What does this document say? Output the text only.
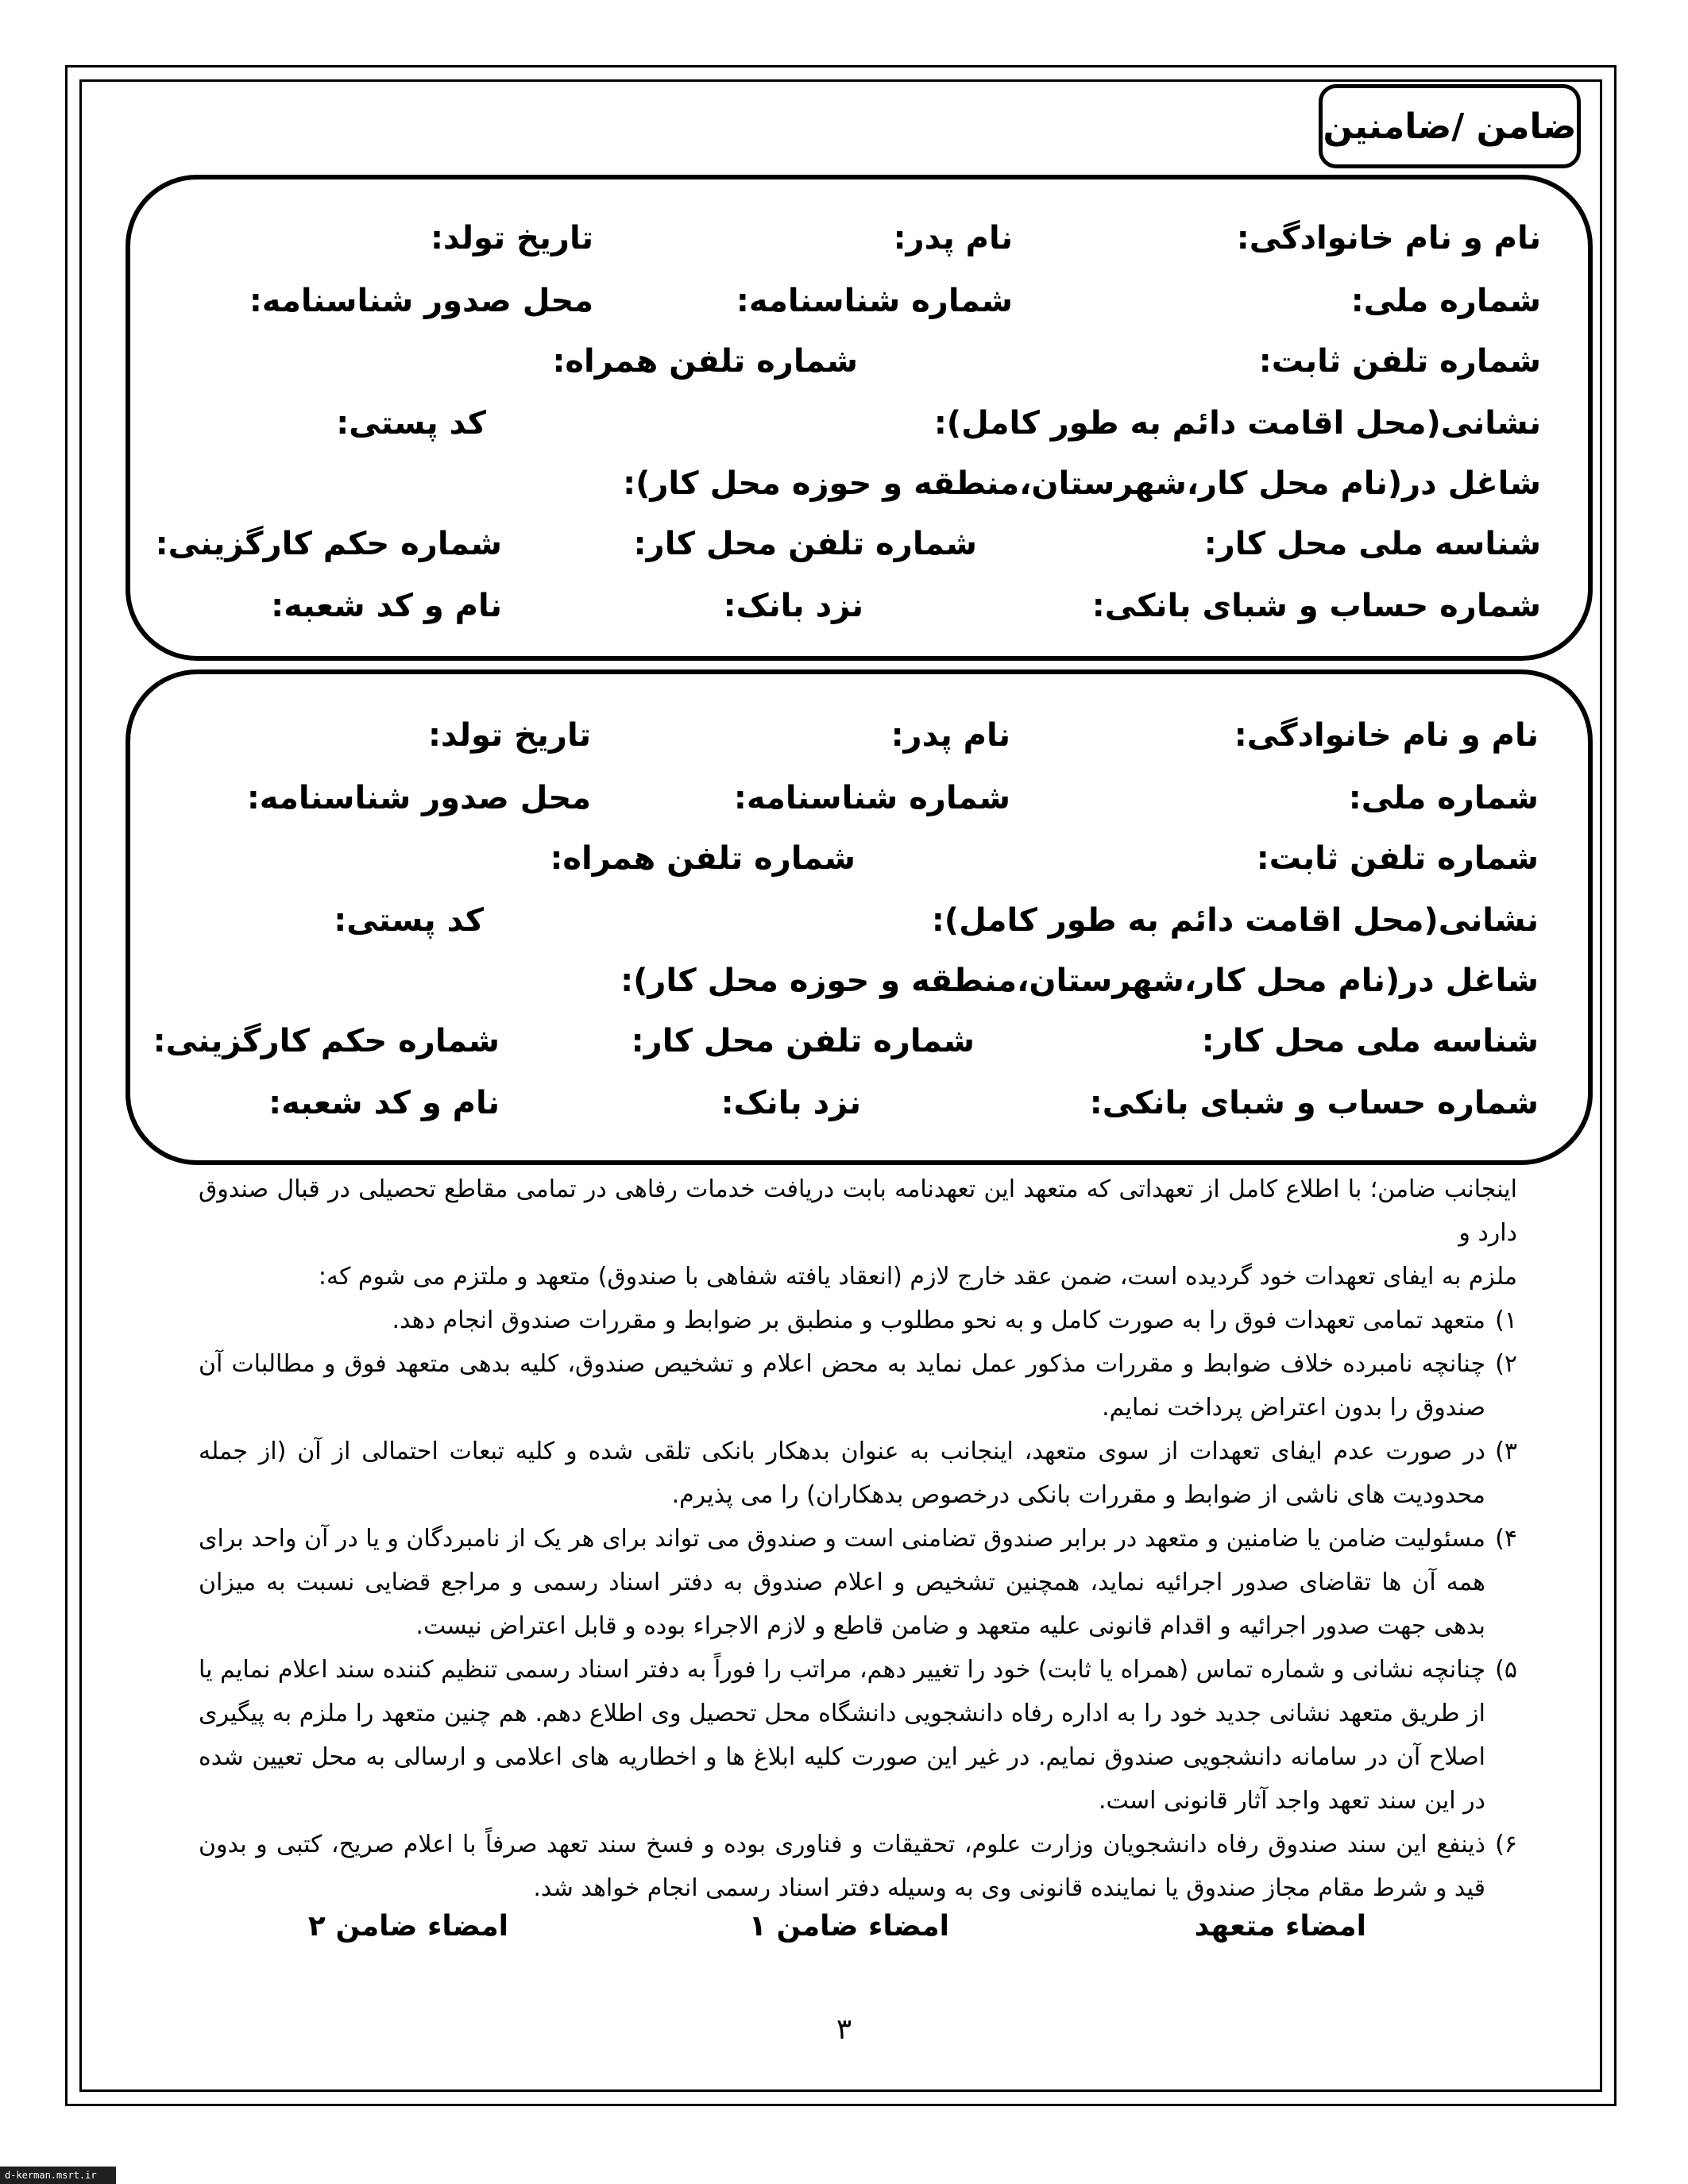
ضامن /ضامنین
نام و نام خانوادگی:
نام پدر:
تاریخ تولد:
شماره ملی:
شماره شناسنامه:
محل صدور شناسنامه:
شماره تلفن ثابت:
شماره تلفن همراه:
نشانی(محل اقامت دائم به طور کامل):
کد پستی:
شاغل در(نام محل کار،شهرستان،منطقه و حوزه محل کار):
شناسه ملی محل کار:
شماره تلفن محل کار:
شماره حکم کارگزینی:
شماره حساب و شبای بانکی:
نزد بانک:
نام و کد شعبه:
نام و نام خانوادگی:
نام پدر:
تاریخ تولد:
شماره ملی:
شماره شناسنامه:
محل صدور شناسنامه:
شماره تلفن ثابت:
شماره تلفن همراه:
نشانی(محل اقامت دائم به طور کامل):
کد پستی:
شاغل در(نام محل کار،شهرستان،منطقه و حوزه محل کار):
شناسه ملی محل کار:
شماره تلفن محل کار:
شماره حکم کارگزینی:
شماره حساب و شبای بانکی:
نزد بانک:
نام و کد شعبه:

اینجانب ضامن؛ با اطلاع کامل از تعهداتی که متعهد این تعهدنامه بابت دریافت خدمات رفاهی در تمامی مقاطع تحصیلی در قبال صندوق دارد و

ملزم به ایفای تعهدات خود گردیده است، ضمن عقد خارج لازم (انعقاد یافته شفاهی با صندوق) متعهد و ملتزم می شوم که:

۱)
متعهد تمامی تعهدات فوق را به صورت کامل و به نحو مطلوب و منطبق بر ضوابط و مقررات صندوق انجام دهد.
۲)
چنانچه نامبرده خلاف ضوابط و مقررات مذکور عمل نماید به محض اعلام و تشخیص صندوق، کلیه بدهی متعهد فوق و مطالبات آن صندوق را بدون اعتراض پرداخت نمایم.
۳)
در صورت عدم ایفای تعهدات از سوی متعهد، اینجانب به عنوان بدهکار بانکی تلقی شده و کلیه تبعات احتمالی از آن (از جمله محدودیت های ناشی از ضوابط و مقررات بانکی درخصوص بدهکاران) را می پذیرم.
۴)
مسئولیت ضامن یا ضامنین و متعهد در برابر صندوق تضامنی است و صندوق می تواند برای هر یک از نامبردگان و یا در آن واحد برای همه آن ها تقاضای صدور اجرائیه نماید، همچنین تشخیص و اعلام صندوق به دفتر اسناد رسمی و مراجع قضایی نسبت به میزان بدهی جهت صدور اجرائیه و اقدام قانونی علیه متعهد و ضامن قاطع و لازم الاجراء بوده و قابل اعتراض نیست.
۵)
چنانچه نشانی و شماره تماس (همراه یا ثابت) خود را تغییر دهم، مراتب را فوراً به دفتر اسناد رسمی تنظیم کننده سند اعلام نمایم یا از طریق متعهد نشانی جدید خود را به اداره رفاه دانشجویی دانشگاه محل تحصیل وی اطلاع دهم. هم چنین متعهد را ملزم به پیگیری اصلاح آن در سامانه دانشجویی صندوق نمایم. در غیر این صورت کلیه ابلاغ ها و اخطاریه های اعلامی و ارسالی به محل تعیین شده در این سند تعهد واجد آثار قانونی است.
۶)
ذینفع این سند صندوق رفاه دانشجویان وزارت علوم، تحقیقات و فناوری بوده و فسخ سند تعهد صرفاً با اعلام صریح، کتبی و بدون قید و شرط مقام مجاز صندوق یا نماینده قانونی وی به وسیله دفتر اسناد رسمی انجام خواهد شد.
امضاء متعهد
امضاء ضامن ۱
امضاء ضامن ۲
۳
d-kerman.msrt.ir
